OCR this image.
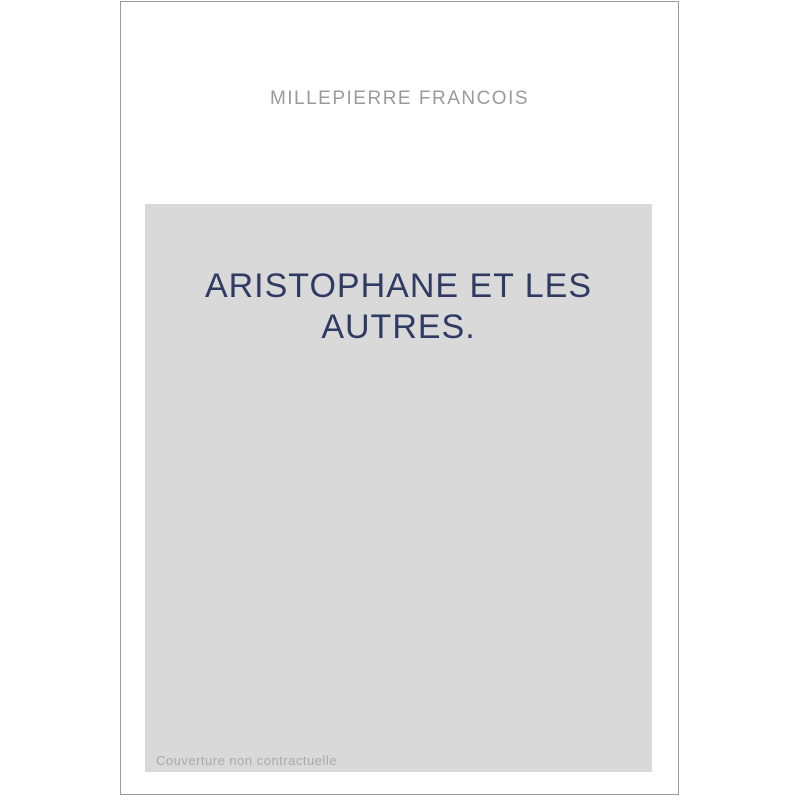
MILLEPIERRE FRANCOIS
ARISTOPHANE ET LES AUTRES.
Couverture non contractuelle
